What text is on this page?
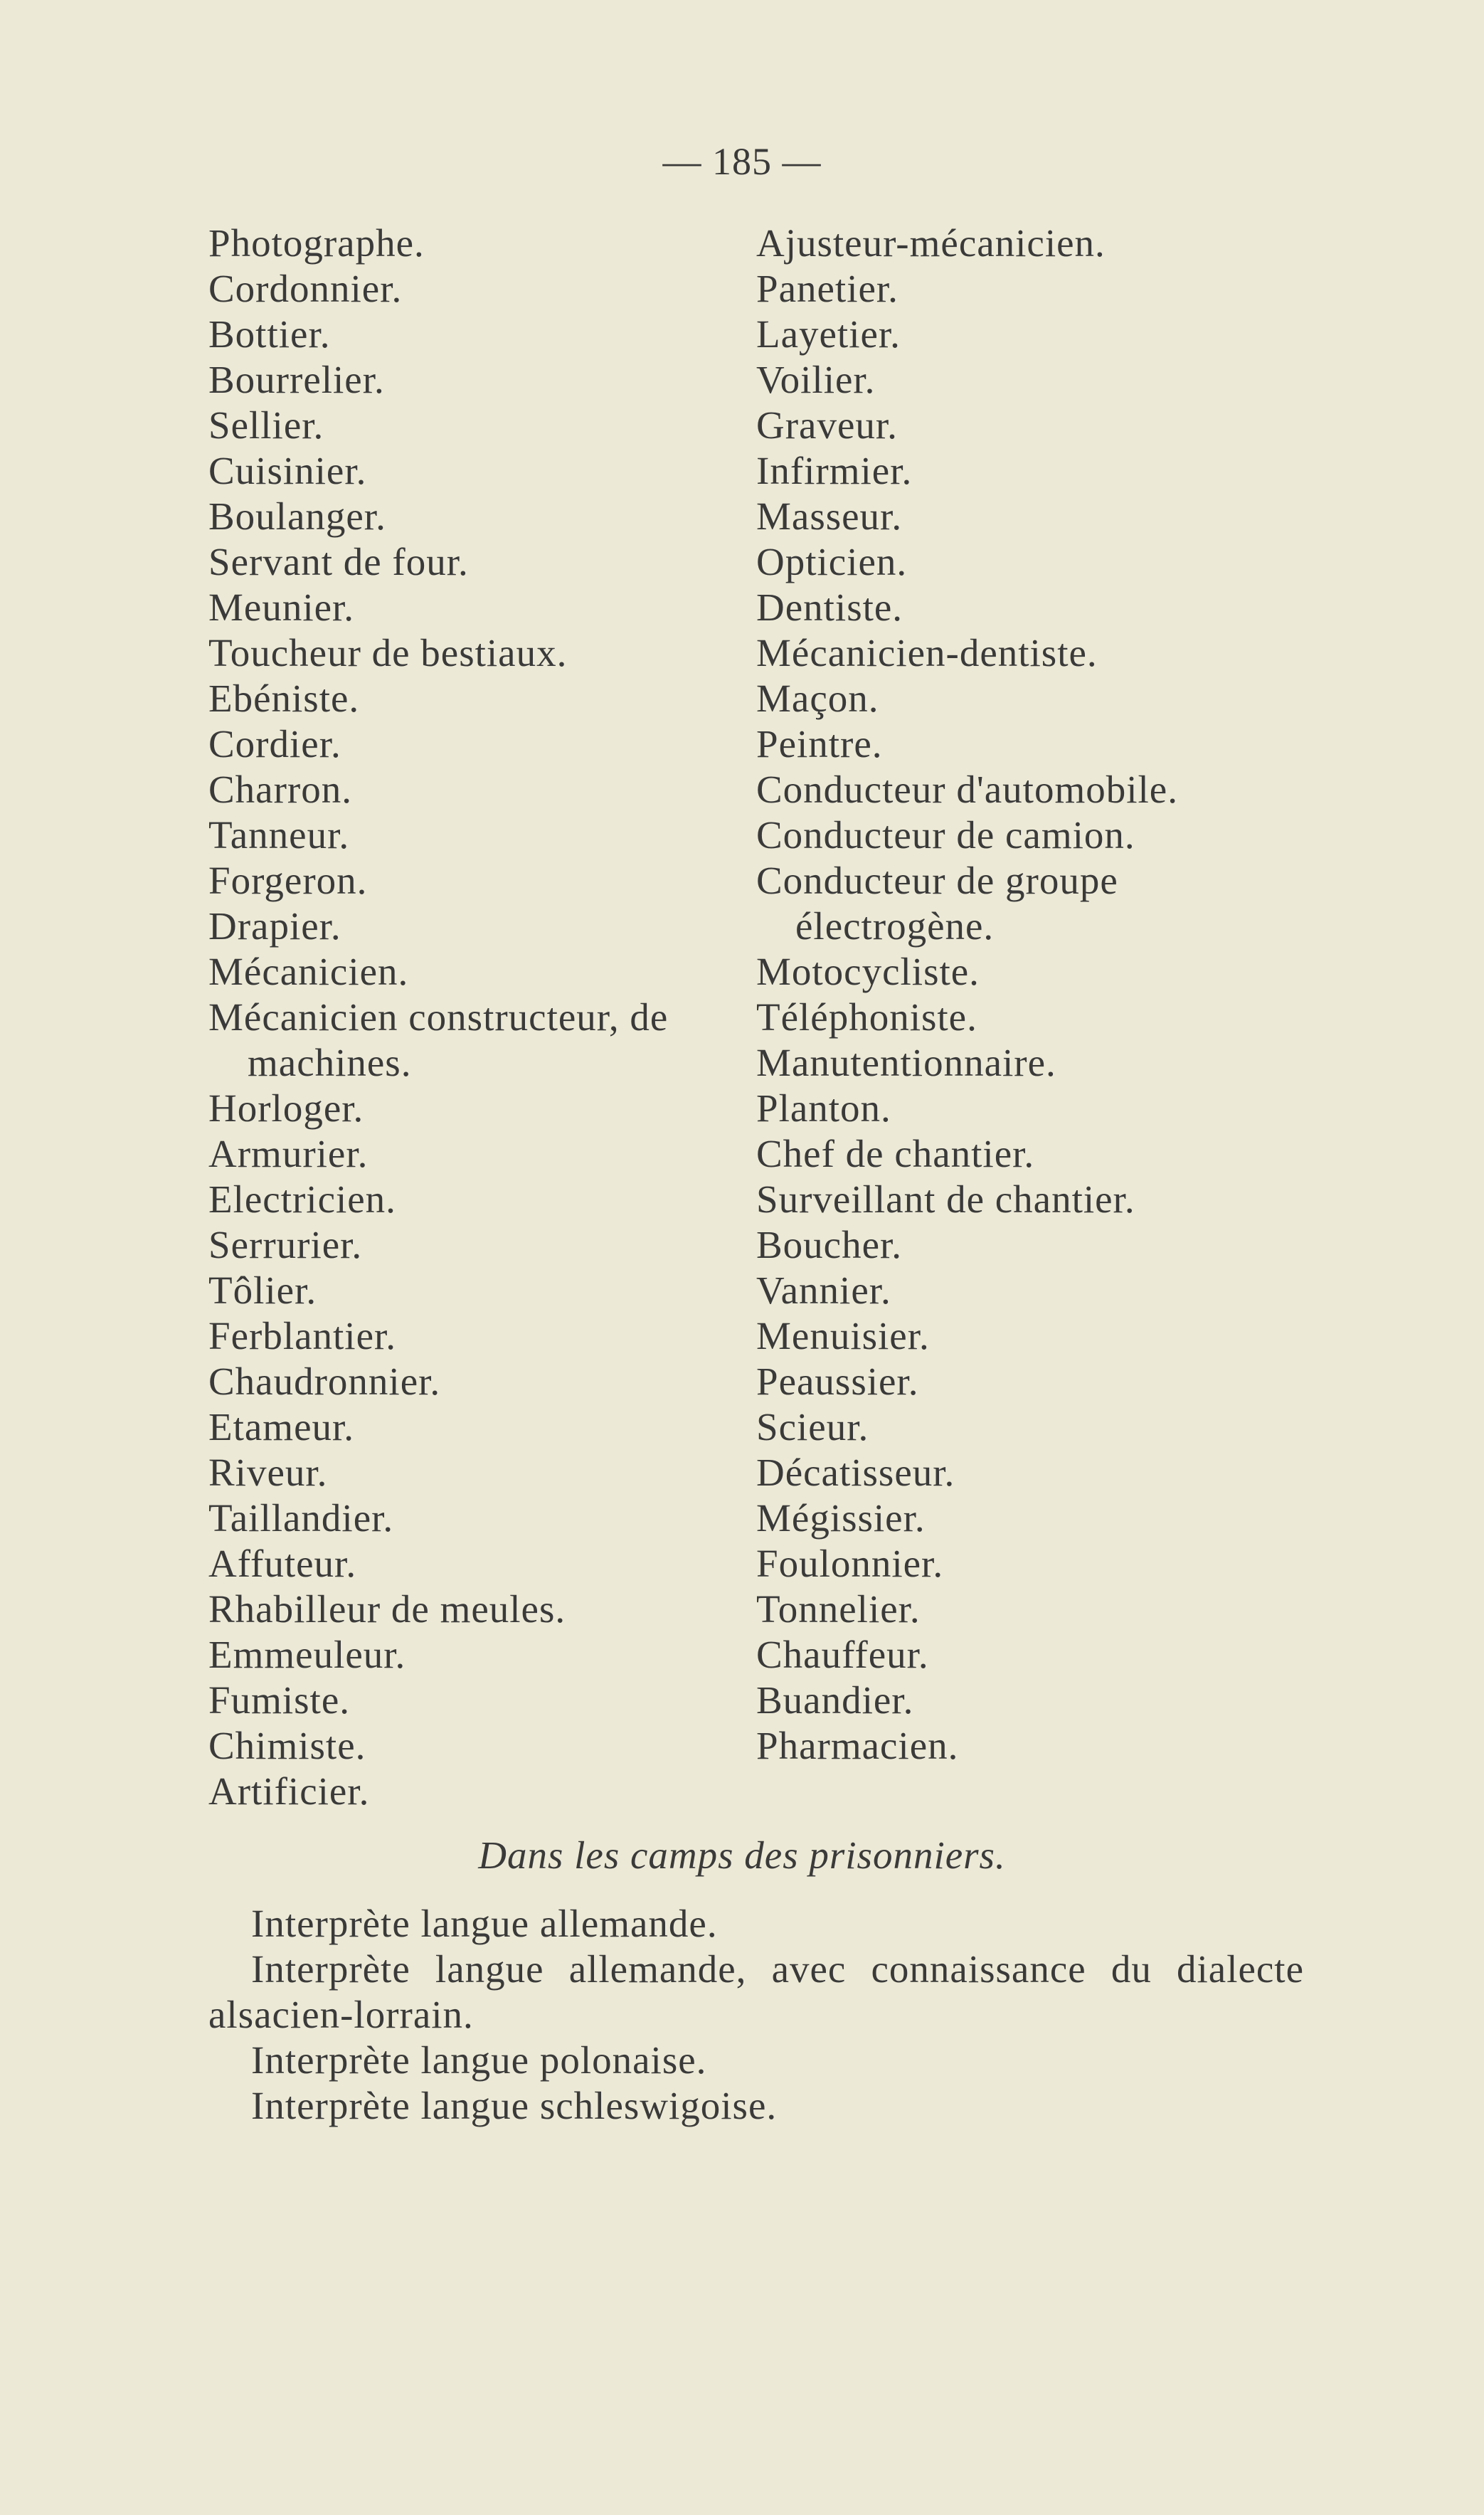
— 185 —
Photographe.
Cordonnier.
Bottier.
Bourrelier.
Sellier.
Cuisinier.
Boulanger.
Servant de four.
Meunier.
Toucheur de bestiaux.
Ebéniste.
Cordier.
Charron.
Tanneur.
Forgeron.
Drapier.
Mécanicien.
Mécanicien constructeur, de machines.
Horloger.
Armurier.
Electricien.
Serrurier.
Tôlier.
Ferblantier.
Chaudronnier.
Etameur.
Riveur.
Taillandier.
Affuteur.
Rhabilleur de meules.
Emmeuleur.
Fumiste.
Chimiste.
Artificier.
Ajusteur-mécanicien.
Panetier.
Layetier.
Voilier.
Graveur.
Infirmier.
Masseur.
Opticien.
Dentiste.
Mécanicien-dentiste.
Maçon.
Peintre.
Conducteur d'automobile.
Conducteur de camion.
Conducteur de groupe électrogène.
Motocycliste.
Téléphoniste.
Manutentionnaire.
Planton.
Chef de chantier.
Surveillant de chantier.
Boucher.
Vannier.
Menuisier.
Peaussier.
Scieur.
Décatisseur.
Mégissier.
Foulonnier.
Tonnelier.
Chauffeur.
Buandier.
Pharmacien.
Dans les camps des prisonniers.

Interprète langue allemande.

Interprète langue allemande, avec connaissance du dialecte alsacien-lorrain.

Interprète langue polonaise.

Interprète langue schleswigoise.
